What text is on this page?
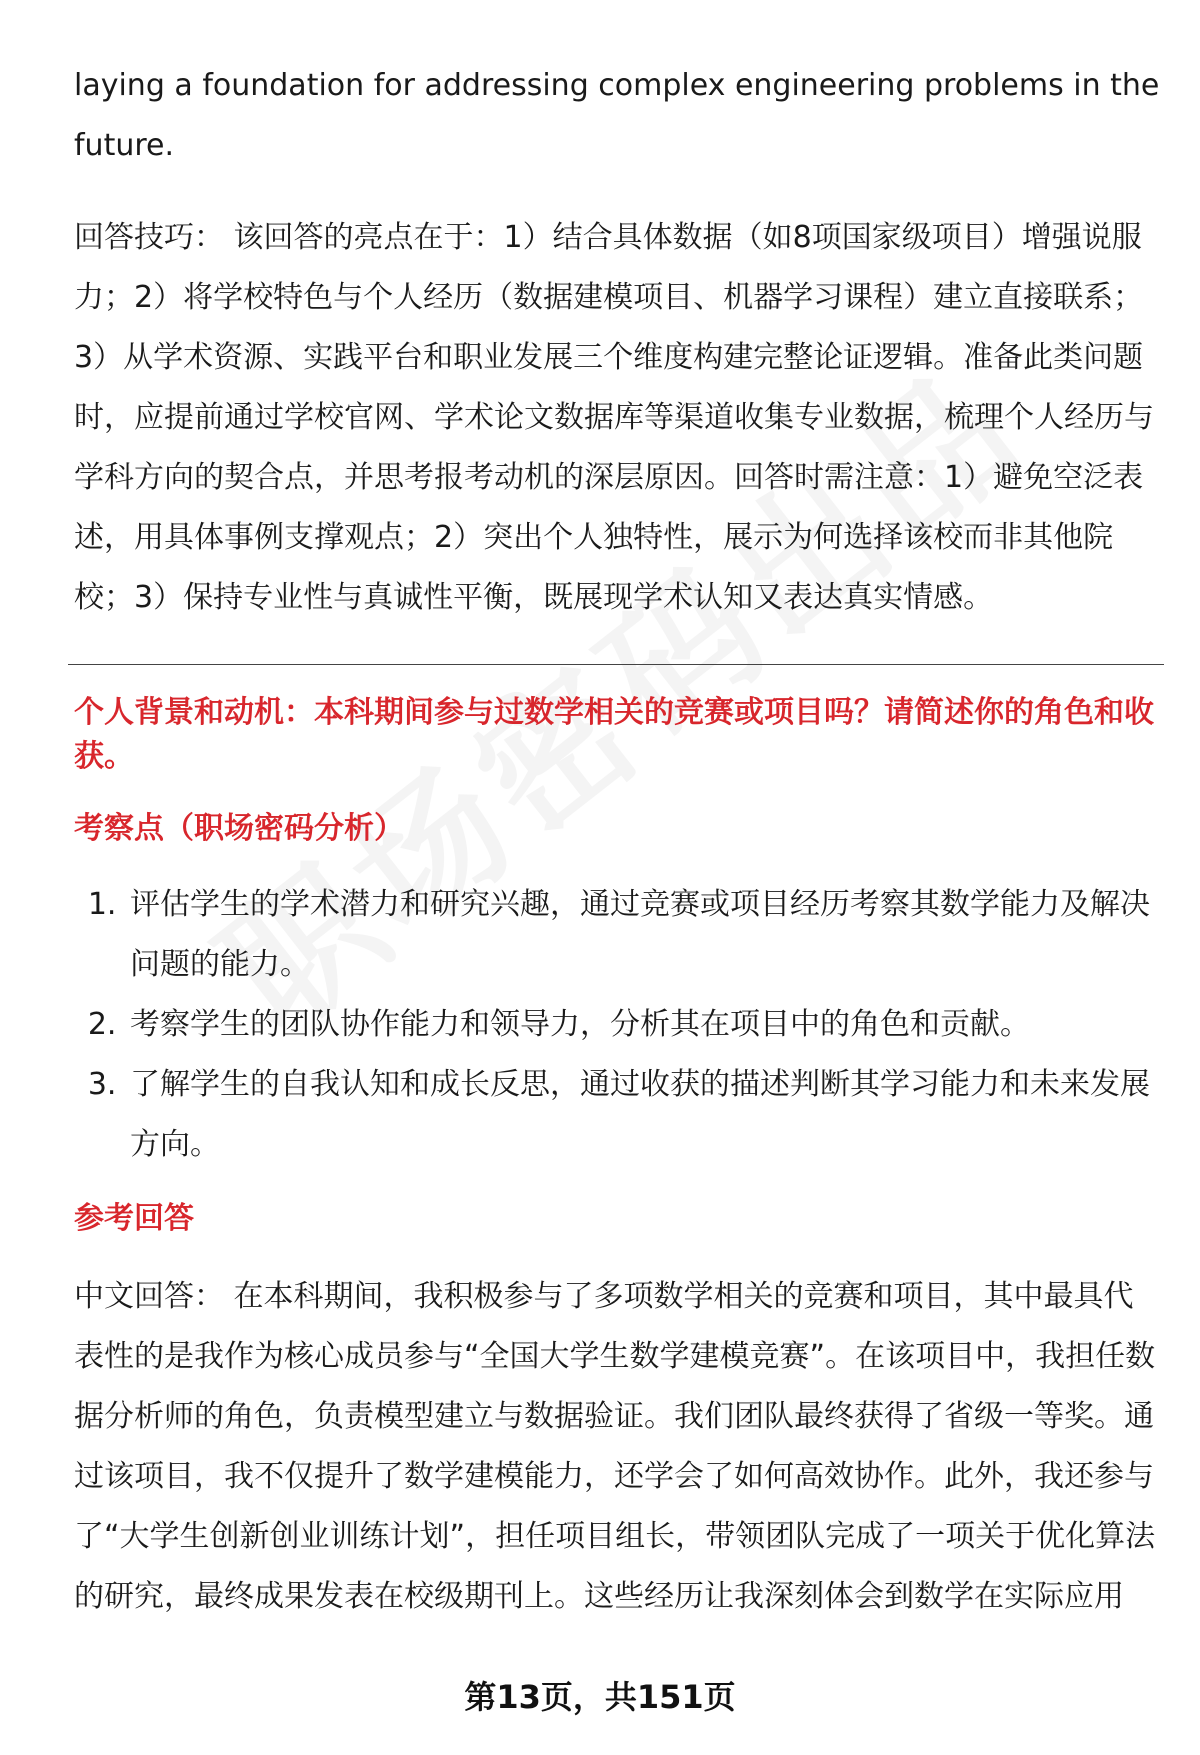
laying a foundation for addressing complex engineering problems in the future.

回答技巧： 该回答的亮点在于：1）结合具体数据（如8项国家级项目）增强说服力；2）将学校特色与个人经历（数据建模项目、机器学习课程）建立直接联系；3）从学术资源、实践平台和职业发展三个维度构建完整论证逻辑。准备此类问题时，应提前通过学校官网、学术论文数据库等渠道收集专业数据，梳理个人经历与学科方向的契合点，并思考报考动机的深层原因。回答时需注意：1）避免空泛表述，用具体事例支撑观点；2）突出个人独特性，展示为何选择该校而非其他院校；3）保持专业性与真诚性平衡，既展现学术认知又表达真实情感。

个人背景和动机：本科期间参与过数学相关的竞赛或项目吗？请简述你的角色和收获。
考察点（职场密码分析）
1. 评估学生的学术潜力和研究兴趣，通过竞赛或项目经历考察其数学能力及解决问题的能力。
2. 考察学生的团队协作能力和领导力，分析其在项目中的角色和贡献。
3. 了解学生的自我认知和成长反思，通过收获的描述判断其学习能力和未来发展方向。
参考回答

中文回答： 在本科期间，我积极参与了多项数学相关的竞赛和项目，其中最具代表性的是我作为核心成员参与“全国大学生数学建模竞赛”。在该项目中，我担任数据分析师的角色，负责模型建立与数据验证。我们团队最终获得了省级一等奖。通过该项目，我不仅提升了数学建模能力，还学会了如何高效协作。此外，我还参与了“大学生创新创业训练计划”，担任项目组长，带领团队完成了一项关于优化算法的研究，最终成果发表在校级期刊上。这些经历让我深刻体会到数学在实际应用

第13页，共151页
